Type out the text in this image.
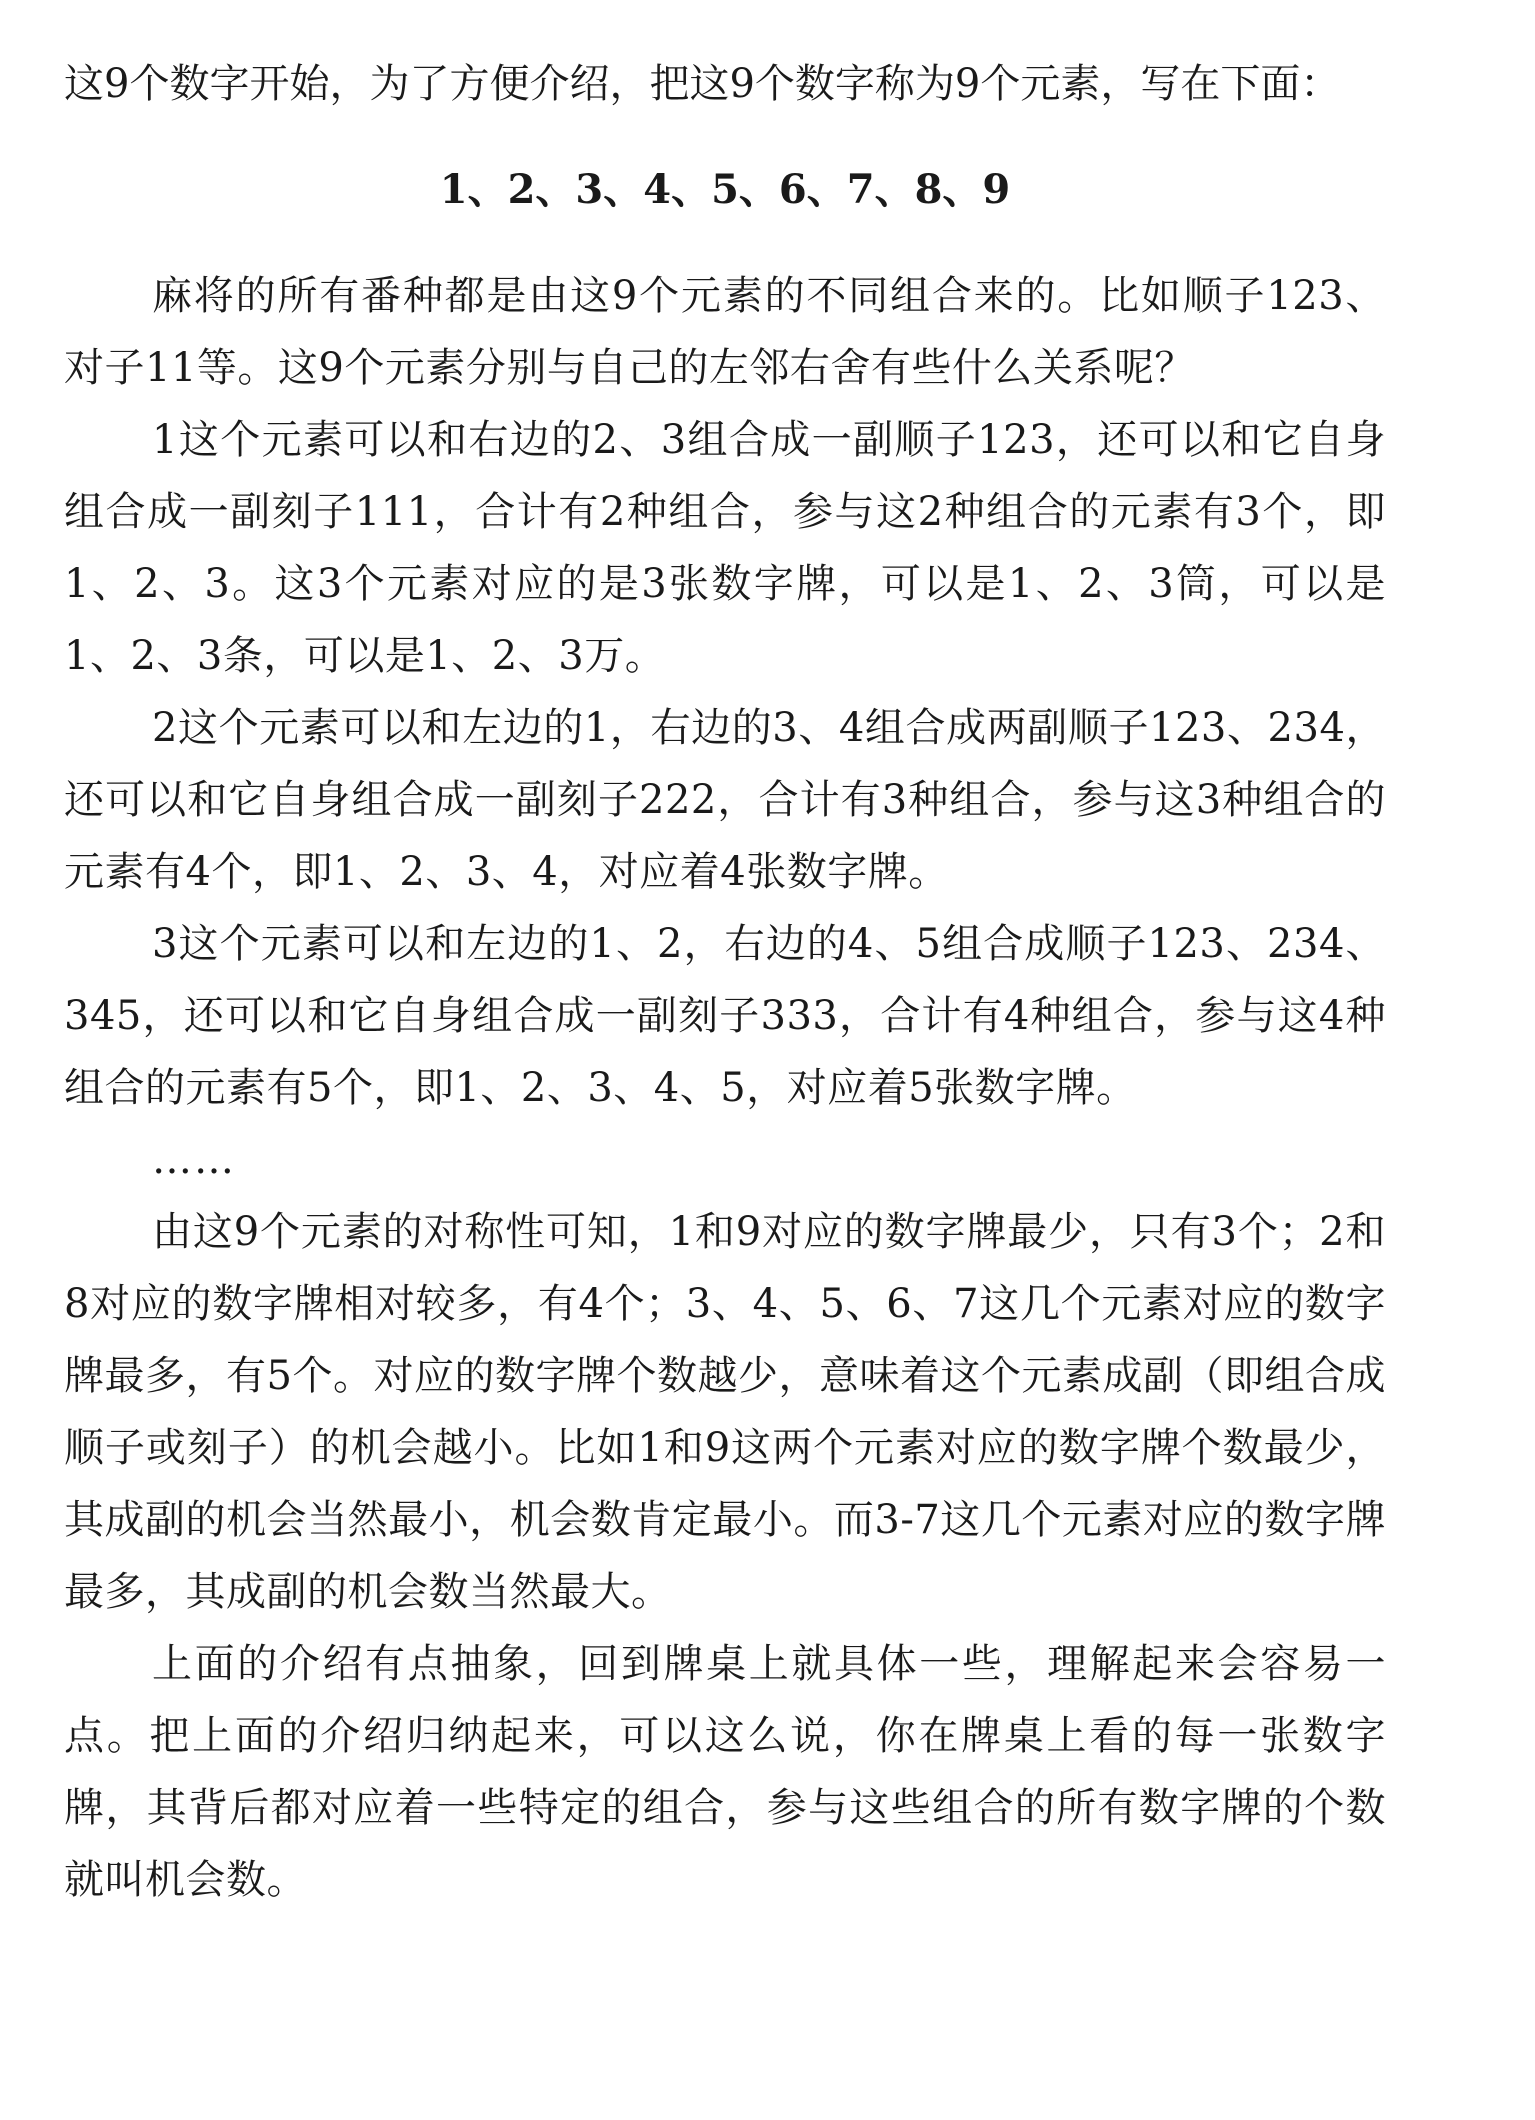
这9个数字开始，为了方便介绍，把这9个数字称为9个元素，写在下面：

1、2、3、4、5、6、7、8、9

麻将的所有番种都是由这9个元素的不同组合来的。比如顺子123、对子11等。这9个元素分别与自己的左邻右舍有些什么关系呢？

1这个元素可以和右边的2、3组合成一副顺子123，还可以和它自身组合成一副刻子111，合计有2种组合，参与这2种组合的元素有3个，即1、2、3。这3个元素对应的是3张数字牌，可以是1、2、3筒，可以是1、2、3条，可以是1、2、3万。

2这个元素可以和左边的1，右边的3、4组合成两副顺子123、234，还可以和它自身组合成一副刻子222，合计有3种组合，参与这3种组合的元素有4个，即1、2、3、4，对应着4张数字牌。

3这个元素可以和左边的1、2，右边的4、5组合成顺子123、234、345，还可以和它自身组合成一副刻子333，合计有4种组合，参与这4种组合的元素有5个，即1、2、3、4、5，对应着5张数字牌。

……

由这9个元素的对称性可知，1和9对应的数字牌最少，只有3个；2和8对应的数字牌相对较多，有4个；3、4、5、6、7这几个元素对应的数字牌最多，有5个。对应的数字牌个数越少，意味着这个元素成副（即组合成顺子或刻子）的机会越小。比如1和9这两个元素对应的数字牌个数最少，其成副的机会当然最小，机会数肯定最小。而3-7这几个元素对应的数字牌最多，其成副的机会数当然最大。

上面的介绍有点抽象，回到牌桌上就具体一些，理解起来会容易一点。把上面的介绍归纳起来，可以这么说，你在牌桌上看的每一张数字牌，其背后都对应着一些特定的组合，参与这些组合的所有数字牌的个数就叫机会数。
